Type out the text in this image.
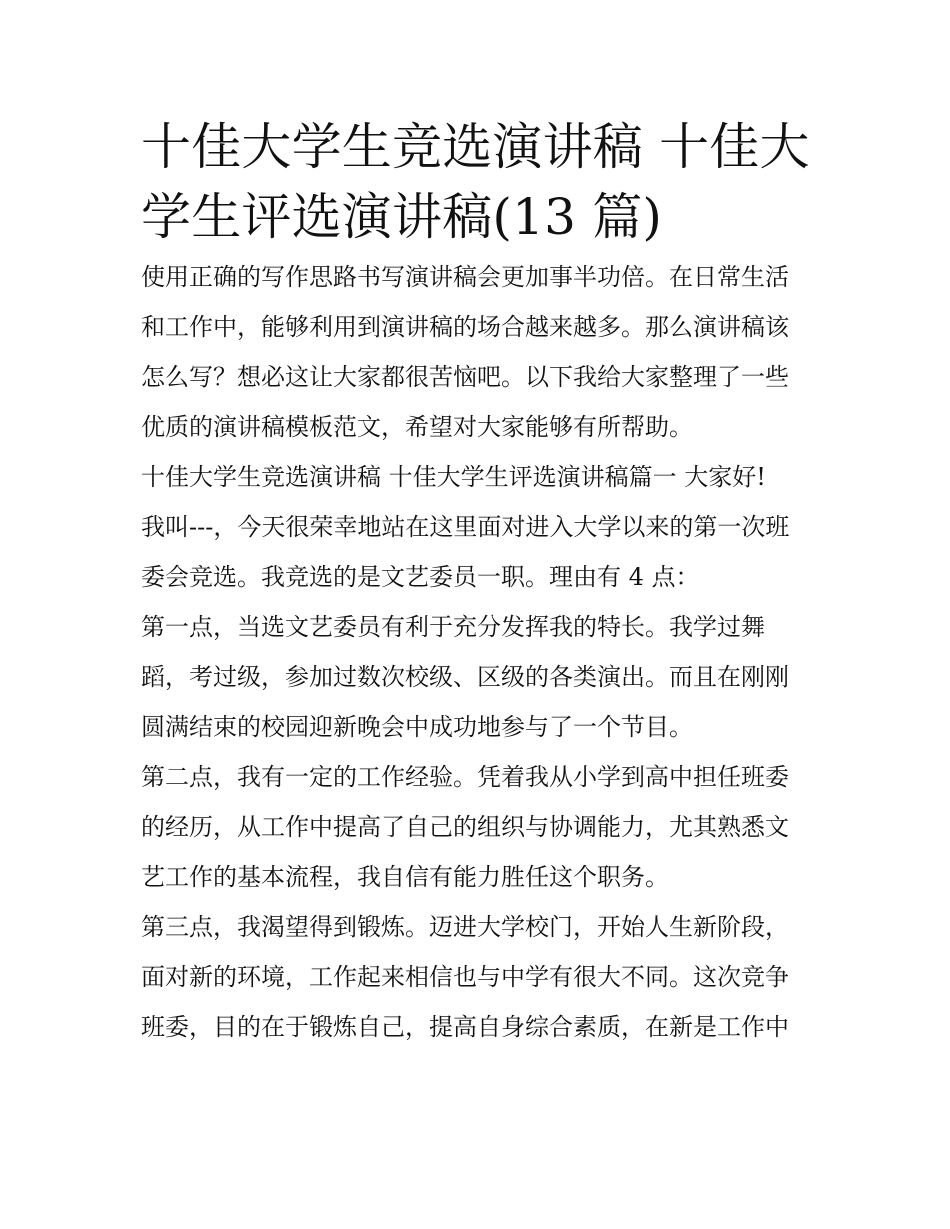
十佳大学生竞选演讲稿 十佳大
学生评选演讲稿(13 篇)
使用正确的写作思路书写演讲稿会更加事半功倍。在日常生活
和工作中，能够利用到演讲稿的场合越来越多。那么演讲稿该
怎么写？想必这让大家都很苦恼吧。以下我给大家整理了一些
优质的演讲稿模板范文，希望对大家能够有所帮助。
十佳大学生竞选演讲稿 十佳大学生评选演讲稿篇一 大家好!
我叫---，今天很荣幸地站在这里面对进入大学以来的第一次班
委会竞选。我竞选的是文艺委员一职。理由有 4 点：
第一点，当选文艺委员有利于充分发挥我的特长。我学过舞
蹈，考过级，参加过数次校级、区级的各类演出。而且在刚刚
圆满结束的校园迎新晚会中成功地参与了一个节目。
第二点，我有一定的工作经验。凭着我从小学到高中担任班委
的经历，从工作中提高了自己的组织与协调能力，尤其熟悉文
艺工作的基本流程，我自信有能力胜任这个职务。
第三点，我渴望得到锻炼。迈进大学校门，开始人生新阶段，
面对新的环境，工作起来相信也与中学有很大不同。这次竞争
班委，目的在于锻炼自己，提高自身综合素质，在新是工作中
